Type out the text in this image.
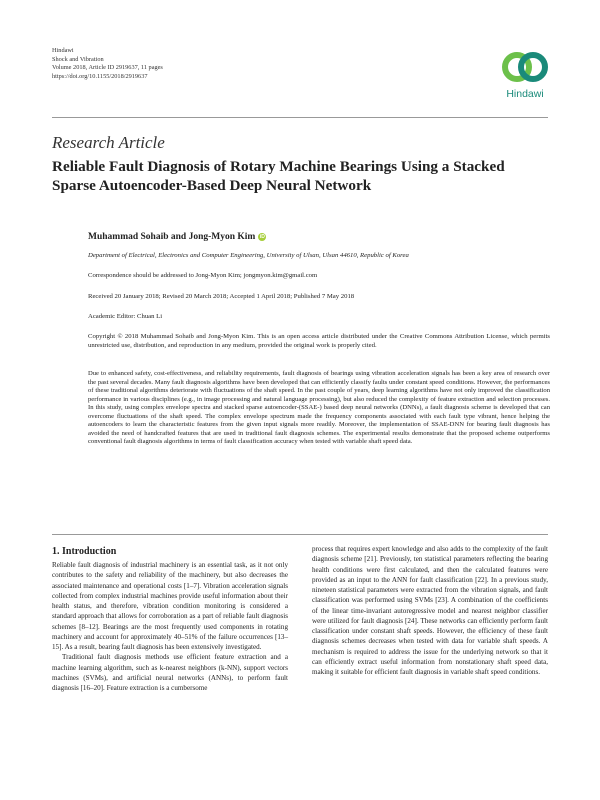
Hindawi
Shock and Vibration
Volume 2018, Article ID 2919637, 11 pages
https://doi.org/10.1155/2018/2919637
Hindawi
Research Article
Reliable Fault Diagnosis of Rotary Machine Bearings Using a Stacked Sparse Autoencoder-Based Deep Neural Network
Muhammad Sohaib and Jong-Myon Kim iD
Department of Electrical, Electronics and Computer Engineering, University of Ulsan, Ulsan 44610, Republic of Korea
Correspondence should be addressed to Jong-Myon Kim; jongmyon.kim@gmail.com
Received 20 January 2018; Revised 20 March 2018; Accepted 1 April 2018; Published 7 May 2018
Academic Editor: Chuan Li
Copyright © 2018 Muhammad Sohaib and Jong-Myon Kim. This is an open access article distributed under the Creative Commons Attribution License, which permits unrestricted use, distribution, and reproduction in any medium, provided the original work is properly cited.
Due to enhanced safety, cost-effectiveness, and reliability requirements, fault diagnosis of bearings using vibration acceleration signals has been a key area of research over the past several decades. Many fault diagnosis algorithms have been developed that can efficiently classify faults under constant speed conditions. However, the performances of these traditional algorithms deteriorate with fluctuations of the shaft speed. In the past couple of years, deep learning algorithms have not only improved the classification performance in various disciplines (e.g., in image processing and natural language processing), but also reduced the complexity of feature extraction and selection processes. In this study, using complex envelope spectra and stacked sparse autoencoder-(SSAE-) based deep neural networks (DNNs), a fault diagnosis scheme is developed that can overcome fluctuations of the shaft speed. The complex envelope spectrum made the frequency components associated with each fault type vibrant, hence helping the autoencoders to learn the characteristic features from the given input signals more readily. Moreover, the implementation of SSAE-DNN for bearing fault diagnosis has avoided the need of handcrafted features that are used in traditional fault diagnosis schemes. The experimental results demonstrate that the proposed scheme outperforms conventional fault diagnosis algorithms in terms of fault classification accuracy when tested with variable shaft speed data.
1. Introduction

Reliable fault diagnosis of industrial machinery is an essential task, as it not only contributes to the safety and reliability of the machinery, but also decreases the associated maintenance and operational costs [1–7]. Vibration acceleration signals collected from complex industrial machines provide useful information about their health status, and therefore, vibration condition monitoring is considered a standard approach that allows for corroboration as a part of reliable fault diagnosis schemes [8–12]. Bearings are the most frequently used components in rotating machinery and account for approximately 40–51% of the failure occurrences [13–15]. As a result, bearing fault diagnosis has been extensively investigated.

Traditional fault diagnosis methods use efficient feature extraction and a machine learning algorithm, such as k-nearest neighbors (k-NN), support vectors machines (SVMs), and artificial neural networks (ANNs), to perform fault diagnosis [16–20]. Feature extraction is a cumbersome

process that requires expert knowledge and also adds to the complexity of the fault diagnosis scheme [21]. Previously, ten statistical parameters reflecting the bearing health conditions were first calculated, and then the calculated features were provided as an input to the ANN for fault classification [22]. In a previous study, nineteen statistical parameters were extracted from the vibration signals, and fault classification was performed using SVMs [23]. A combination of the coefficients of the linear time-invariant autoregressive model and nearest neighbor classifier were utilized for fault diagnosis [24]. These networks can efficiently perform fault classification under constant shaft speeds. However, the efficiency of these fault diagnosis schemes decreases when tested with data for variable shaft speeds. A mechanism is required to address the issue for the underlying network so that it can efficiently extract useful information from nonstationary shaft speed data, making it suitable for efficient fault diagnosis in variable shaft speed conditions.
